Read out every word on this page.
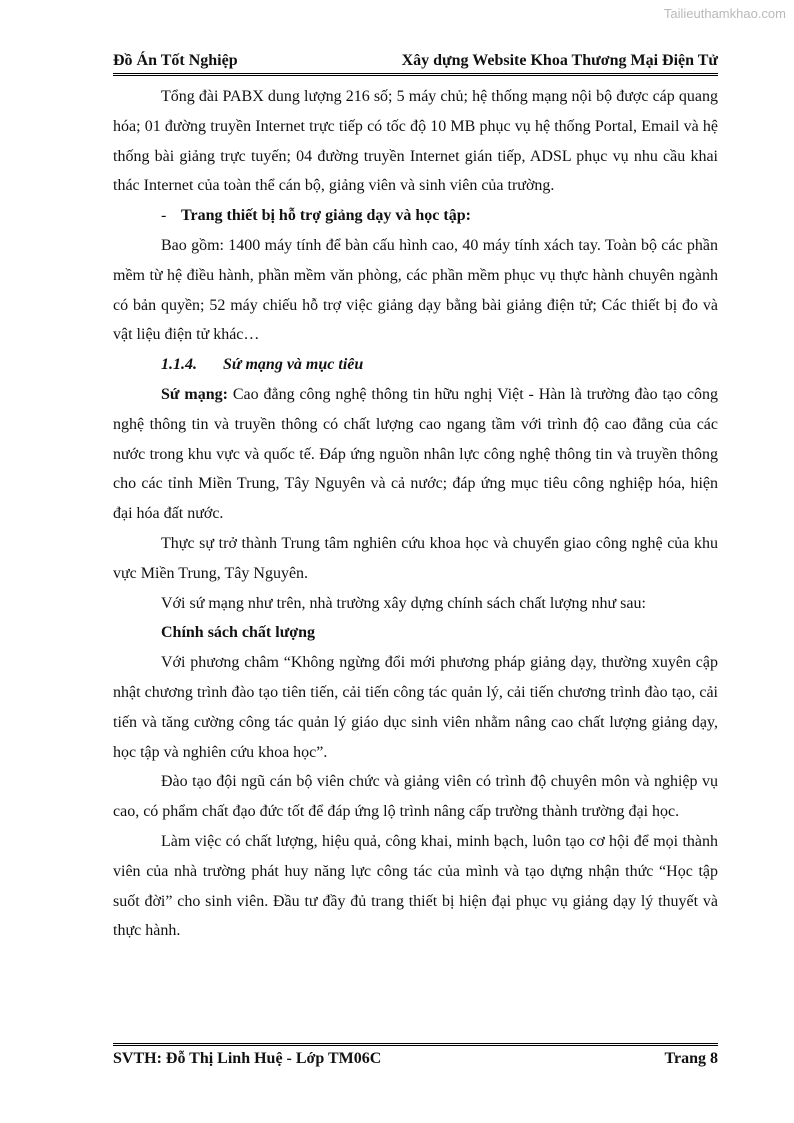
Tailieuthamkhao.com
Đồ Án Tốt Nghiệp	Xây dựng Website Khoa Thương Mại Điện Tử

Tổng đài PABX dung lượng 216 số; 5 máy chủ; hệ thống mạng nội bộ được cáp quang hóa; 01 đường truyền Internet trực tiếp có tốc độ 10 MB phục vụ hệ thống Portal, Email và hệ thống bài giảng trực tuyến; 04 đường truyền Internet gián tiếp, ADSL phục vụ nhu cầu khai thác Internet của toàn thể cán bộ, giảng viên và sinh viên của trường.

- Trang thiết bị hỗ trợ giảng dạy và học tập:

Bao gồm: 1400 máy tính để bàn cấu hình cao, 40 máy tính xách tay. Toàn bộ các phần mềm từ hệ điều hành, phần mềm văn phòng, các phần mềm phục vụ thực hành chuyên ngành có bản quyền; 52 máy chiếu hỗ trợ việc giảng dạy bằng bài giảng điện tử; Các thiết bị đo và vật liệu điện tử khác…

1.1.4. Sứ mạng và mục tiêu

Sứ mạng: Cao đẳng công nghệ thông tin hữu nghị Việt - Hàn là trường đào tạo công nghệ thông tin và truyền thông có chất lượng cao ngang tầm với trình độ cao đẳng của các nước trong khu vực và quốc tế. Đáp ứng nguồn nhân lực công nghệ thông tin và truyền thông cho các tỉnh Miền Trung, Tây Nguyên và cả nước; đáp ứng mục tiêu công nghiệp hóa, hiện đại hóa đất nước.

Thực sự trở thành Trung tâm nghiên cứu khoa học và chuyển giao công nghệ của khu vực Miền Trung, Tây Nguyên.

Với sứ mạng như trên, nhà trường xây dựng chính sách chất lượng như sau:

Chính sách chất lượng

Với phương châm “Không ngừng đổi mới phương pháp giảng dạy, thường xuyên cập nhật chương trình đào tạo tiên tiến, cải tiến công tác quản lý, cải tiến chương trình đào tạo, cải tiến và tăng cường công tác quản lý giáo dục sinh viên nhằm nâng cao chất lượng giảng dạy, học tập và nghiên cứu khoa học”.

Đào tạo đội ngũ cán bộ viên chức và giảng viên có trình độ chuyên môn và nghiệp vụ cao, có phẩm chất đạo đức tốt để đáp ứng lộ trình nâng cấp trường thành trường đại học.

Làm việc có chất lượng, hiệu quả, công khai, minh bạch, luôn tạo cơ hội để mọi thành viên của nhà trường phát huy năng lực công tác của mình và tạo dựng nhận thức “Học tập suốt đời” cho sinh viên. Đầu tư đầy đủ trang thiết bị hiện đại phục vụ giảng dạy lý thuyết và thực hành.

SVTH: Đỗ Thị Linh Huệ - Lớp TM06C	Trang 8
